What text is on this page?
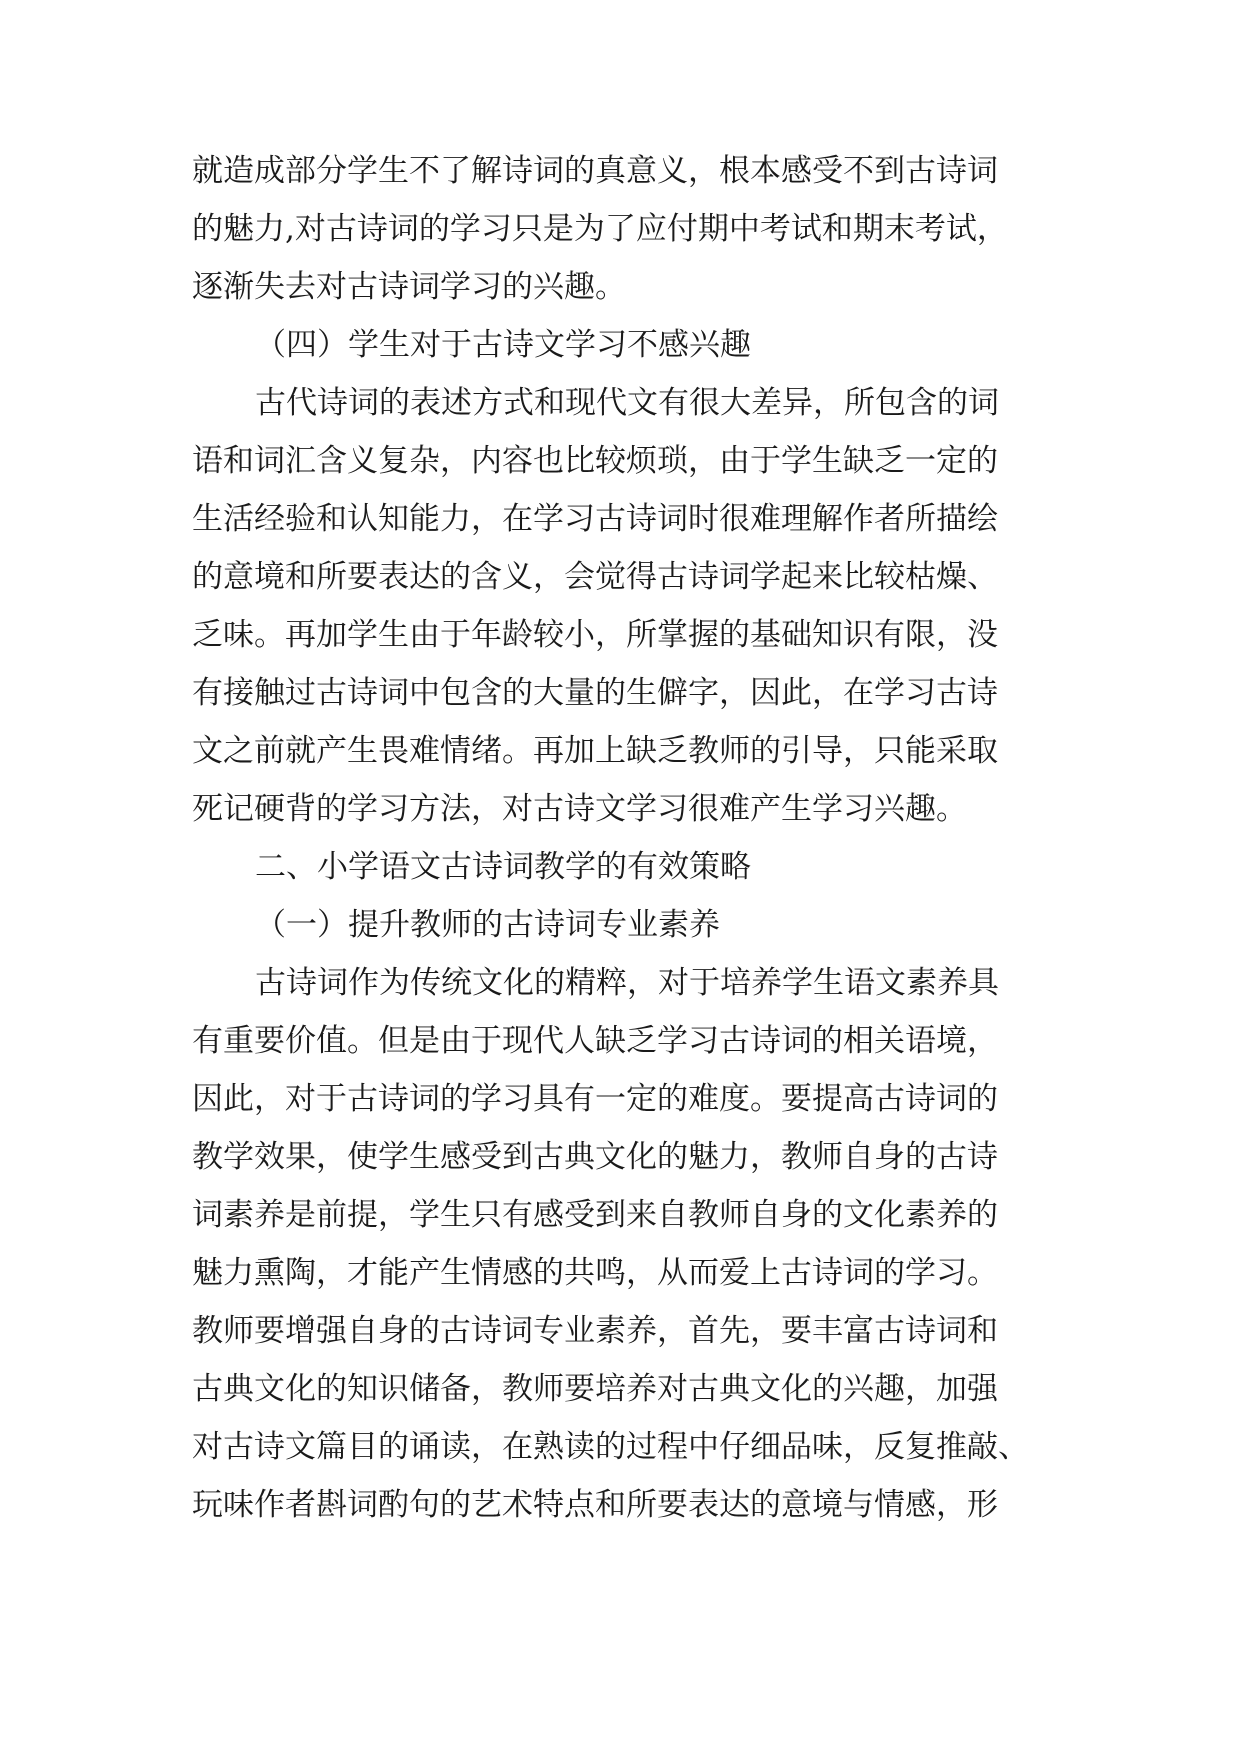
就造成部分学生不了解诗词的真意义，根本感受不到古诗词
的魅力,对古诗词的学习只是为了应付期中考试和期末考试，
逐渐失去对古诗词学习的兴趣。
（四）学生对于古诗文学习不感兴趣
古代诗词的表述方式和现代文有很大差异，所包含的词
语和词汇含义复杂，内容也比较烦琐，由于学生缺乏一定的
生活经验和认知能力，在学习古诗词时很难理解作者所描绘
的意境和所要表达的含义，会觉得古诗词学起来比较枯燥、
乏味。再加学生由于年龄较小，所掌握的基础知识有限，没
有接触过古诗词中包含的大量的生僻字，因此，在学习古诗
文之前就产生畏难情绪。再加上缺乏教师的引导，只能采取
死记硬背的学习方法，对古诗文学习很难产生学习兴趣。
二、小学语文古诗词教学的有效策略
（一）提升教师的古诗词专业素养
古诗词作为传统文化的精粹，对于培养学生语文素养具
有重要价值。但是由于现代人缺乏学习古诗词的相关语境，
因此，对于古诗词的学习具有一定的难度。要提高古诗词的
教学效果，使学生感受到古典文化的魅力，教师自身的古诗
词素养是前提，学生只有感受到来自教师自身的文化素养的
魅力熏陶，才能产生情感的共鸣，从而爱上古诗词的学习。
教师要增强自身的古诗词专业素养，首先，要丰富古诗词和
古典文化的知识储备，教师要培养对古典文化的兴趣，加强
对古诗文篇目的诵读，在熟读的过程中仔细品味，反复推敲、
玩味作者斟词酌句的艺术特点和所要表达的意境与情感，形
